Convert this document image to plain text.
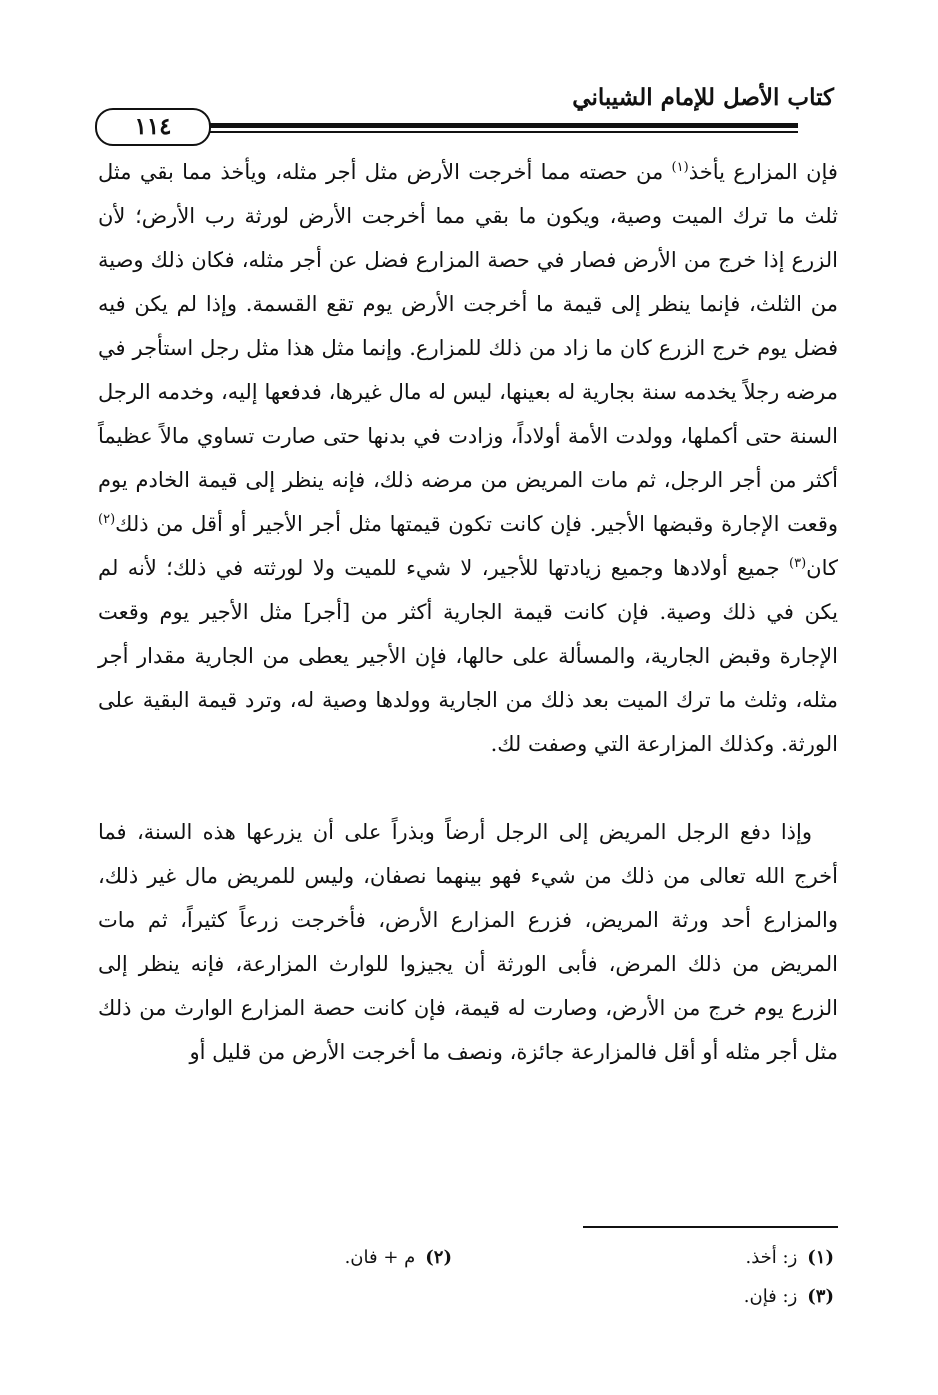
كتاب الأصل للإمام الشيباني
١١٤

فإن المزارع يأخذ$^{(١)}$ من حصته مما أخرجت الأرض مثل أجر مثله، ويأخذ مما بقي مثل ثلث ما ترك الميت وصية، ويكون ما بقي مما أخرجت الأرض لورثة رب الأرض؛ لأن الزرع إذا خرج من الأرض فصار في حصة المزارع فضل عن أجر مثله، فكان ذلك وصية من الثلث، فإنما ينظر إلى قيمة ما أخرجت الأرض يوم تقع القسمة. وإذا لم يكن فيه فضل يوم خرج الزرع كان ما زاد من ذلك للمزارع. وإنما مثل هذا مثل رجل استأجر في مرضه رجلاً يخدمه سنة بجارية له بعينها، ليس له مال غيرها، فدفعها إليه، وخدمه الرجل السنة حتى أكملها، وولدت الأمة أولاداً، وزادت في بدنها حتى صارت تساوي مالاً عظيماً أكثر من أجر الرجل، ثم مات المريض من مرضه ذلك، فإنه ينظر إلى قيمة الخادم يوم وقعت الإجارة وقبضها الأجير. فإن كانت تكون قيمتها مثل أجر الأجير أو أقل من ذلك$^{(٢)}$ كان$^{(٣)}$ جميع أولادها وجميع زيادتها للأجير، لا شيء للميت ولا لورثته في ذلك؛ لأنه لم يكن في ذلك وصية. فإن كانت قيمة الجارية أكثر من [أجر] مثل الأجير يوم وقعت الإجارة وقبض الجارية، والمسألة على حالها، فإن الأجير يعطى من الجارية مقدار أجر مثله، وثلث ما ترك الميت بعد ذلك من الجارية وولدها وصية له، وترد قيمة البقية على الورثة. وكذلك المزارعة التي وصفت لك.

وإذا دفع الرجل المريض إلى الرجل أرضاً وبذراً على أن يزرعها هذه السنة، فما أخرج الله تعالى من ذلك من شيء فهو بينهما نصفان، وليس للمريض مال غير ذلك، والمزارع أحد ورثة المريض، فزرع المزارع الأرض، فأخرجت زرعاً كثيراً، ثم مات المريض من ذلك المرض، فأبى الورثة أن يجيزوا للوارث المزارعة، فإنه ينظر إلى الزرع يوم خرج من الأرض، وصارت له قيمة، فإن كانت حصة المزارع الوارث من ذلك مثل أجر مثله أو أقل فالمزارعة جائزة، ونصف ما أخرجت الأرض من قليل أو

(١)ز: أخذ.
(٢)م + فان.
(٣)ز: فإن.
